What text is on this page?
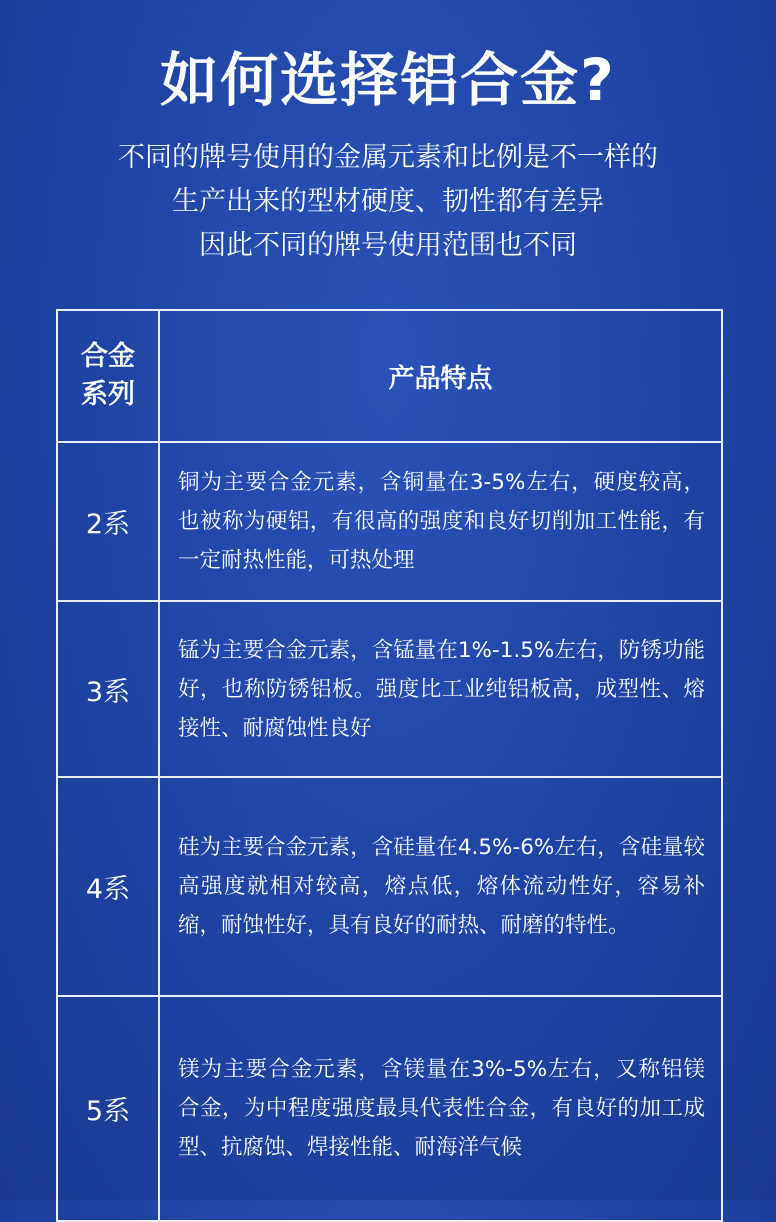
如何选择铝合金?
不同的牌号使用的金属元素和比例是不一样的
生产出来的型材硬度、韧性都有差异
因此不同的牌号使用范围也不同
合金
系列	产品特点
2系	铜为主要合金元素，含铜量在3-5%左右，硬度较高，也被称为硬铝，有很高的强度和良好切削加工性能，有一定耐热性能，可热处理
3系	锰为主要合金元素，含锰量在1%-1.5%左右，防锈功能好，也称防锈铝板。强度比工业纯铝板高，成型性、熔接性、耐腐蚀性良好
4系	硅为主要合金元素，含硅量在4.5%-6%左右，含硅量较高强度就相对较高，熔点低，熔体流动性好，容易补缩，耐蚀性好，具有良好的耐热、耐磨的特性。
5系	镁为主要合金元素，含镁量在3%-5%左右，又称铝镁合金，为中程度强度最具代表性合金，有良好的加工成型、抗腐蚀、焊接性能、耐海洋气候
